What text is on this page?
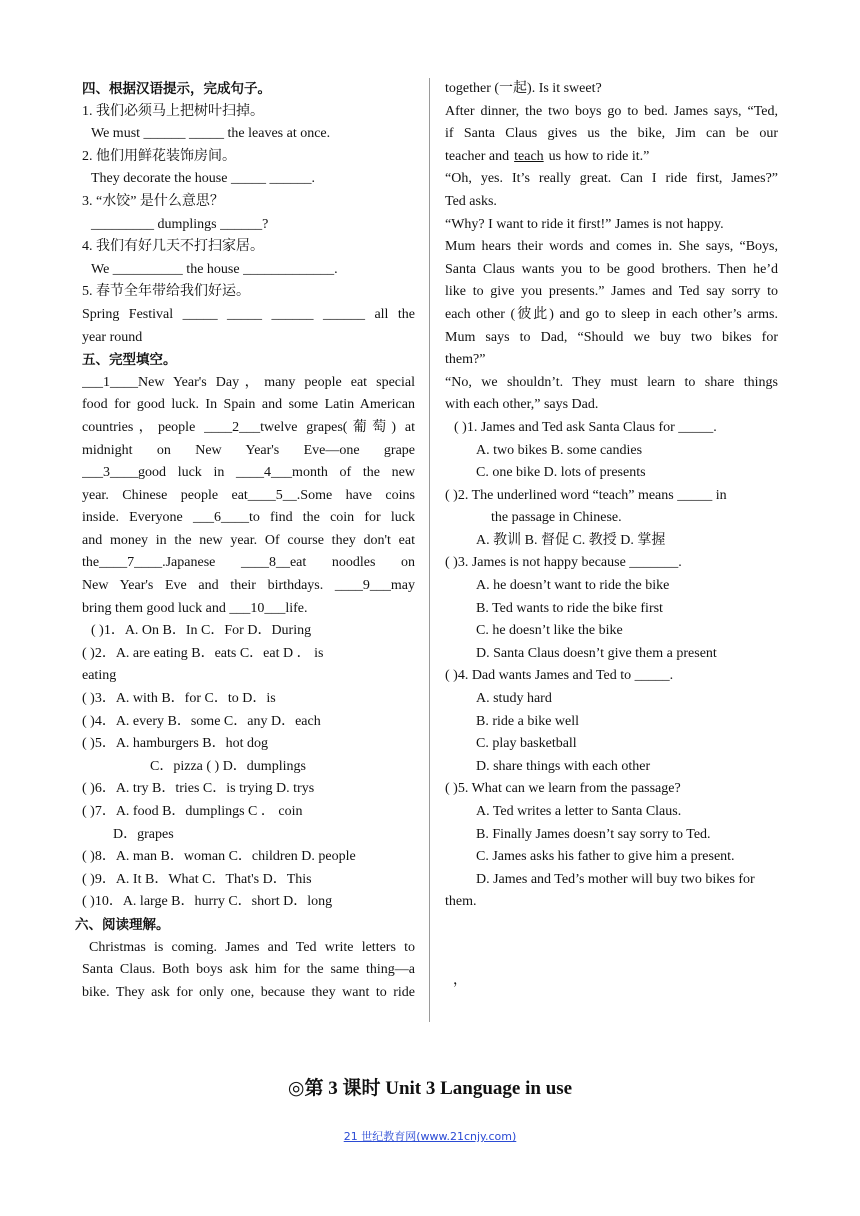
四、根据汉语提示，完成句子。
1. 我们必须马上把树叶扫掉。
We must ______ _____ the leaves at once.
2. 他们用鲜花装饰房间。
They decorate the house _____ ______.
3. “水饺” 是什么意思？
_________ dumplings ______?
4. 我们有好几天不打扫家居。
We __________ the house _____________.
5. 春节全年带给我们好运。
Spring Festival _____ _____ ______ ______ all the
year round
五、完型填空。
___1____New Year's Day，many people eat special
food for good luck. In Spain and some Latin American
countries，people ____2___twelve grapes(葡萄) at
midnight on New Year's Eve—one grape
___3____good luck in ____4___month of the new
year. Chinese people eat____5__.Some have coins
inside. Everyone ___6____to find the coin for luck
and money in the new year. Of course they don't eat
the____7____.Japanese ____8__eat noodles on
New Year's Eve and their birthdays. ____9___may
bring them good luck and ___10___life.
( )1．A. On B．In C．For D．During
( )2．A. are eating B．eats C．eat D ． is
eating
( )3．A. with B．for C．to D．is
( )4．A. every B．some C．any D．each
( )5．A. hamburgers B．hot dog
C．pizza ( ) D．dumplings
( )6．A. try B．tries C．is trying D. trys
( )7．A. food B．dumplings C ． coin
D．grapes
( )8．A. man B．woman C．children D. people
( )9．A. It B．What C．That's D．This
( )10．A. large B．hurry C．short D．long
六、阅读理解。
Christmas is coming. James and Ted write letters to
Santa Claus. Both boys ask him for the same thing—a
bike. They ask for only one, because they want to ride
together (一起). Is it sweet?
After dinner, the two boys go to bed. James says, “Ted,
if Santa Claus gives us the bike, Jim can be our
teacher and teach us how to ride it.”
“Oh, yes. It’s really great. Can I ride first, James?”
Ted asks.
“Why? I want to ride it first!” James is not happy.
Mum hears their words and comes in. She says, “Boys,
Santa Claus wants you to be good brothers. Then he’d
like to give you presents.” James and Ted say sorry to
each other (彼此) and go to sleep in each other’s arms.
Mum says to Dad, “Should we buy two bikes for
them?”
“No, we shouldn’t. They must learn to share things
with each other,” says Dad.
( )1. James and Ted ask Santa Claus for _____.
A. two bikes B. some candies
C. one bike D. lots of presents
( )2. The underlined word “teach” means _____ in
the passage in Chinese.
A. 教训 B. 督促 C. 教授 D. 掌握
( )3. James is not happy because _______.
A. he doesn’t want to ride the bike
B. Ted wants to ride the bike first
C. he doesn’t like the bike
D. Santa Claus doesn’t give them a present
( )4. Dad wants James and Ted to _____.
A. study hard
B. ride a bike well
C. play basketball
D. share things with each other
( )5. What can we learn from the passage?
A. Ted writes a letter to Santa Claus.
B. Finally James doesn’t say sorry to Ted.
C. James asks his father to give him a present.
D. James and Ted’s mother will buy two bikes for
them.
，
◎第 3 课时 Unit 3 Language in use
21 世纪教育网(www.21cnjy.com)
